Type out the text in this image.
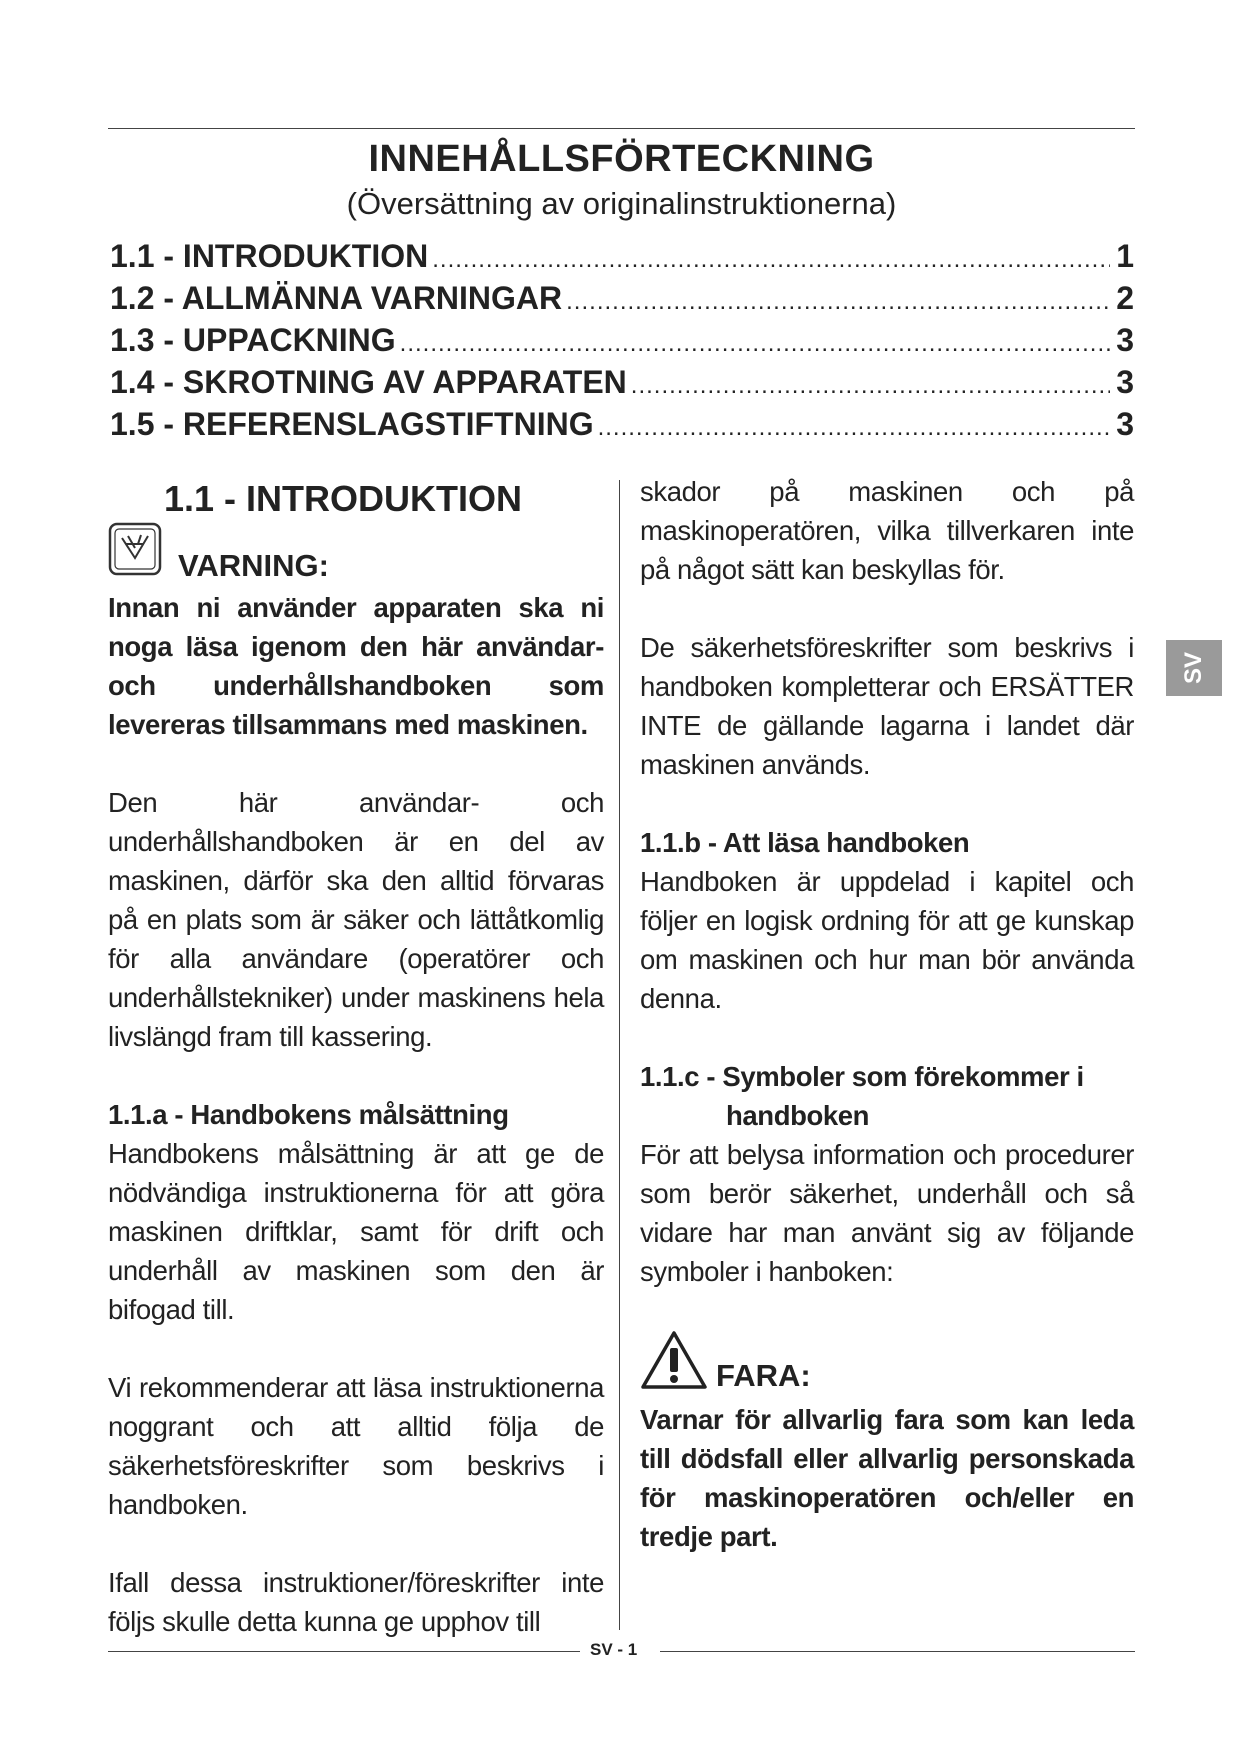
INNEHÅLLSFÖRTECKNING
(Översättning av originalinstruktionerna)
1.1 - INTRODUKTION .....	1
1.2 - ALLMÄNNA VARNINGAR .....	2
1.3 - UPPACKNING .....	3
1.4 - SKROTNING AV APPARATEN .....	3
1.5 - REFERENSLAGSTIFTNING .....	3
1.1 - INTRODUKTION
VARNING:

Innan ni använder apparaten ska ni noga läsa igenom den här användar- och underhållshandboken som levereras tillsammans med maskinen.

Den här användar- och underhållshandboken är en del av maskinen, därför ska den alltid förvaras på en plats som är säker och lättåtkomlig för alla användare (operatörer och underhållstekniker) under maskinens hela livslängd fram till kassering.

1.1.a - Handbokens målsättning

Handbokens målsättning är att ge de nödvändiga instruktionerna för att göra maskinen driftklar, samt för drift och underhåll av maskinen som den är bifogad till.

Vi rekommenderar att läsa instruktionerna noggrant och att alltid följa de säkerhetsföreskrifter som beskrivs i handboken.

Ifall dessa instruktioner/föreskrifter inte följs skulle detta kunna ge upphov till

skador på maskinen och på maskinoperatören, vilka tillverkaren inte på något sätt kan beskyllas för.

De säkerhetsföreskrifter som beskrivs i handboken kompletterar och ERSÄTTER INTE de gällande lagarna i landet där maskinen används.

1.1.b - Att läsa handboken

Handboken är uppdelad i kapitel och följer en logisk ordning för att ge kunskap om maskinen och hur man bör använda denna.

1.1.c - Symboler som förekommer i

handboken

För att belysa information och procedurer som berör säkerhet, underhåll och så vidare har man använt sig av följande symboler i hanboken:

FARA:

Varnar för allvarlig fara som kan leda till dödsfall eller allvarlig personskada för maskinoperatören och/eller en tredje part.

SV
SV - 1
